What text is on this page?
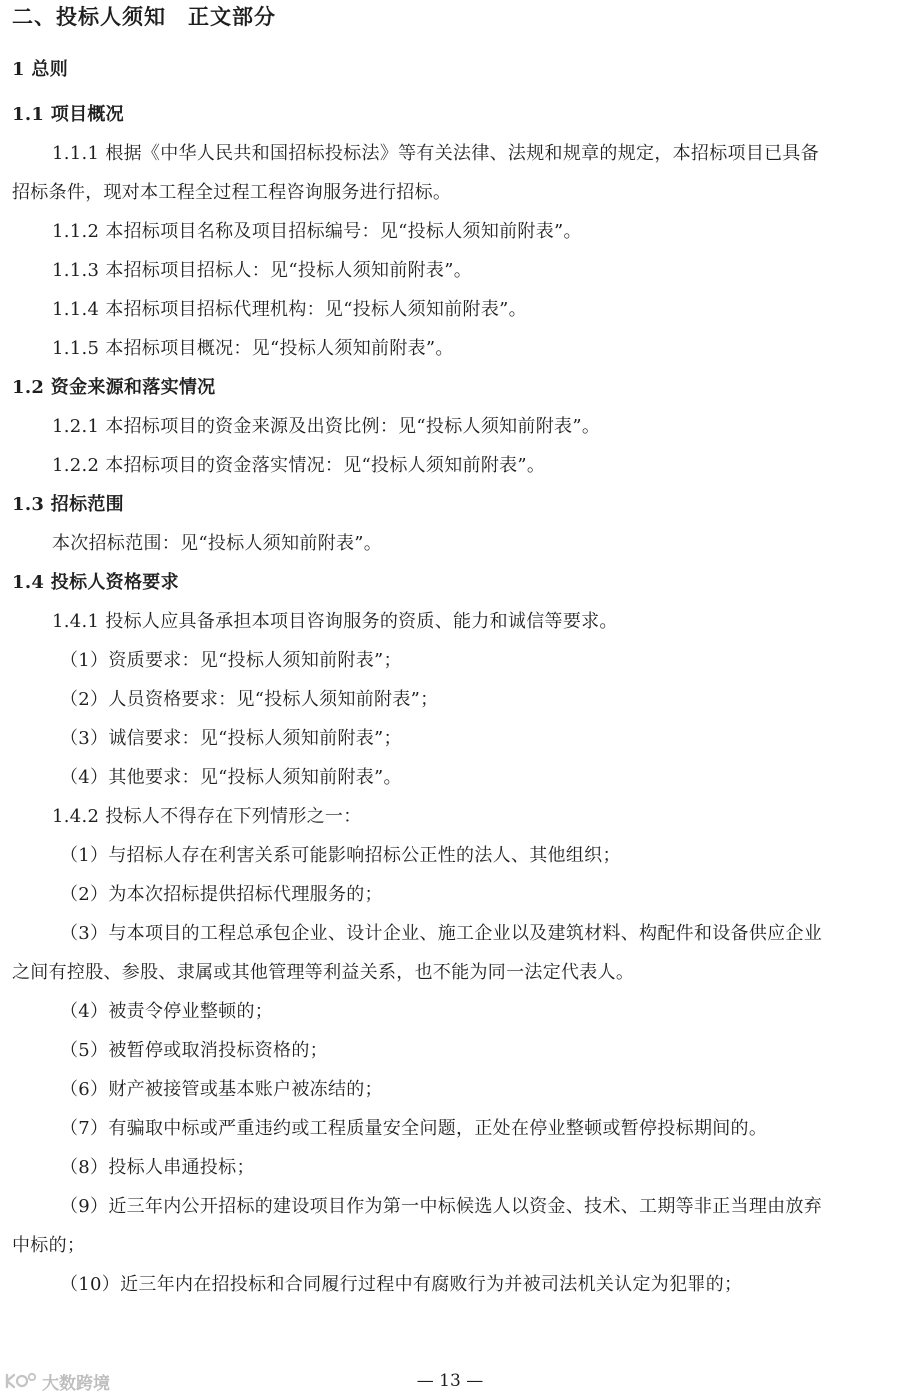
二、投标人须知　正文部分
1 总则
1.1 项目概况
1.1.1 根据《中华人民共和国招标投标法》等有关法律、法规和规章的规定，本招标项目已具备
招标条件，现对本工程全过程工程咨询服务进行招标。
1.1.2 本招标项目名称及项目招标编号：见“投标人须知前附表”。
1.1.3 本招标项目招标人：见“投标人须知前附表”。
1.1.4 本招标项目招标代理机构：见“投标人须知前附表”。
1.1.5 本招标项目概况：见“投标人须知前附表”。
1.2 资金来源和落实情况
1.2.1 本招标项目的资金来源及出资比例：见“投标人须知前附表”。
1.2.2 本招标项目的资金落实情况：见“投标人须知前附表”。
1.3 招标范围
本次招标范围：见“投标人须知前附表”。
1.4 投标人资格要求
1.4.1 投标人应具备承担本项目咨询服务的资质、能力和诚信等要求。
（1）资质要求：见“投标人须知前附表”；
（2）人员资格要求：见“投标人须知前附表”；
（3）诚信要求：见“投标人须知前附表”；
（4）其他要求：见“投标人须知前附表”。
1.4.2 投标人不得存在下列情形之一：
（1）与招标人存在利害关系可能影响招标公正性的法人、其他组织；
（2）为本次招标提供招标代理服务的；
（3）与本项目的工程总承包企业、设计企业、施工企业以及建筑材料、构配件和设备供应企业
之间有控股、参股、隶属或其他管理等利益关系，也不能为同一法定代表人。
（4）被责令停业整顿的；
（5）被暂停或取消投标资格的；
（6）财产被接管或基本账户被冻结的；
（7）有骗取中标或严重违约或工程质量安全问题，正处在停业整顿或暂停投标期间的。
（8）投标人串通投标；
（9）近三年内公开招标的建设项目作为第一中标候选人以资金、技术、工期等非正当理由放弃
中标的；
（10）近三年内在招投标和合同履行过程中有腐败行为并被司法机关认定为犯罪的；
— 13 —
大数跨境
